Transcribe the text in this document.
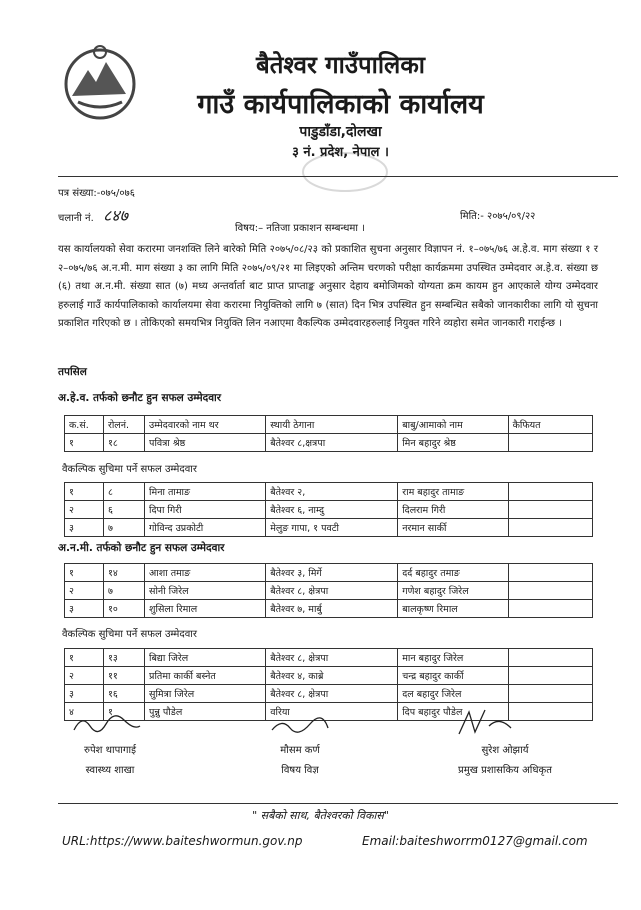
बैतेश्वर गाउँपालिका
गाउँ कार्यपालिकाको कार्यालय
पाडुडाँडा,दोलखा
३ नं. प्रदेश, नेपाल ।
पत्र संख्या:-०७५/०७६
चलानी नं. ८४७	मिति:- २०७५/०९/२२
विषय:– नतिजा प्रकाशन सम्बन्धमा ।
यस कार्यालयको सेवा करारमा जनशक्ति लिने बारेको मिति २०७५/०८/२३ को प्रकाशित सुचना अनुसार विज्ञापन नं. १–०७५/७६ अ.हे.व. माग संख्या १ र २–०७५/७६ अ.न.मी. माग संख्या ३ का लागि मिति २०७५/०९/२१ मा लिइएको अन्तिम चरणको परीक्षा कार्यक्रममा उपस्थित उम्मेदवार अ.हे.व. संख्या छ (६) तथा अ.न.मी. संख्या सात (७) मध्य अन्तर्वार्ता बाट प्राप्त प्राप्ताङ्क अनुसार देहाय बमोजिमको योग्यता क्रम कायम हुन आएकाले योग्य उम्मेदवार हरुलाई गाउँ कार्यपालिकाको कार्यालयमा सेवा करारमा नियुक्तिको लागि ७ (सात) दिन भित्र उपस्थित हुन सम्बन्धित सबैको जानकारीका लागि यो सुचना प्रकाशित गरिएको छ । तोकिएको समयभित्र नियुक्ति लिन नआएमा वैकल्पिक उम्मेदवारहरुलाई नियुक्त गरिने व्यहोरा समेत जानकारी गराईन्छ ।
तपसिल
अ.हे.व. तर्फको छनौट हुन सफल उम्मेदवार
क.सं.	रोलनं.	उम्मेदवारको नाम थर	स्थायी ठेगाना	बाबु/आमाको नाम	कैफियत
१	१८	पवित्रा श्रेष्ठ	बैतेश्वर ८,क्षत्रपा	मिन बहादुर श्रेष्ठ	
वैकल्पिक सुचिमा पर्ने सफल उम्मेदवार
१	८	मिना तामाङ	बैतेश्वर २,	राम बहादुर तामाङ	
२	६	दिपा गिरी	बैतेश्वर ६, नाम्दु	दिलराम गिरी	
३	७	गोविन्द उप्रकोटी	मेलुङ गापा, १ पवटी	नरमान सार्की	
अ.न.मी. तर्फको छनौट हुन सफल उम्मेदवार
१	१४	आशा तमाङ	बैतेश्वर ३, मिर्गे	दर्द बहादुर तमाङ	
२	७	सोनी जिरेल	बैतेश्वर ८, क्षेत्रपा	गणेश बहादुर जिरेल	
३	१०	शुसिला रिमाल	बैतेश्वर ७, मार्बु	बालकृष्ण रिमाल	
वैकल्पिक सुचिमा पर्ने सफल उम्मेदवार
१	१३	बिद्या जिरेल	बैतेश्वर ८, क्षेत्रपा	मान बहादुर जिरेल	
२	११	प्रतिमा कार्की बस्नेत	बैतेश्वर ४, काब्रे	चन्द्र बहादुर कार्की	
३	१६	सुमित्रा जिरेल	बैतेश्वर ८, क्षेत्रपा	दल बहादुर जिरेल	
४	१	पुन्नु पौडेल	वरिया	दिप बहादुर पौडेल	
रुपेश थापागाई
स्वास्थ्य शाखा
मौसम कर्ण
विषय विज्ञ
सुरेश ओझार्य
प्रमुख प्रशासकिय अधिकृत
" सबैको साथ, बैतेश्वरको विकास"
URL:https://www.baiteshwormun.gov.np	Email:baiteshworrm0127@gmail.com
